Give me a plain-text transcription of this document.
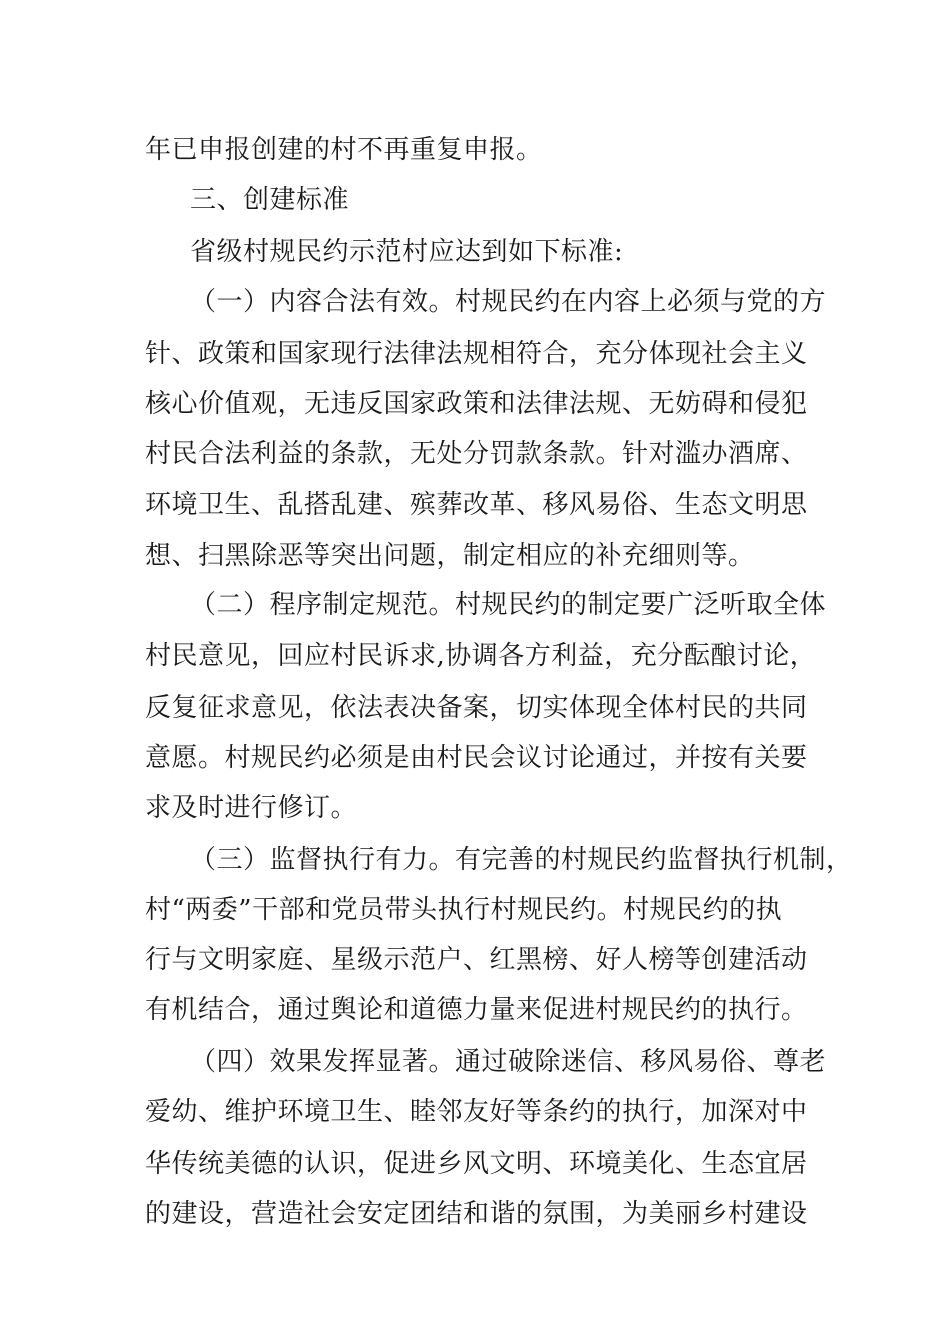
年已申报创建的村不再重复申报。
三、创建标准
省级村规民约示范村应达到如下标准:
（一）内容合法有效。村规民约在内容上必须与党的方
针、政策和国家现行法律法规相符合，充分体现社会主义
核心价值观，无违反国家政策和法律法规、无妨碍和侵犯
村民合法利益的条款，无处分罚款条款。针对滥办酒席、
环境卫生、乱搭乱建、殡葬改革、移风易俗、生态文明思
想、扫黑除恶等突出问题，制定相应的补充细则等。
（二）程序制定规范。村规民约的制定要广泛听取全体
村民意见，回应村民诉求,协调各方利益，充分酝酿讨论，
反复征求意见，依法表决备案，切实体现全体村民的共同
意愿。村规民约必须是由村民会议讨论通过，并按有关要
求及时进行修订。
（三）监督执行有力。有完善的村规民约监督执行机制，
村“两委”干部和党员带头执行村规民约。村规民约的执
行与文明家庭、星级示范户、红黑榜、好人榜等创建活动
有机结合，通过舆论和道德力量来促进村规民约的执行。
（四）效果发挥显著。通过破除迷信、移风易俗、尊老
爱幼、维护环境卫生、睦邻友好等条约的执行，加深对中
华传统美德的认识，促进乡风文明、环境美化、生态宜居
的建设，营造社会安定团结和谐的氛围，为美丽乡村建设
